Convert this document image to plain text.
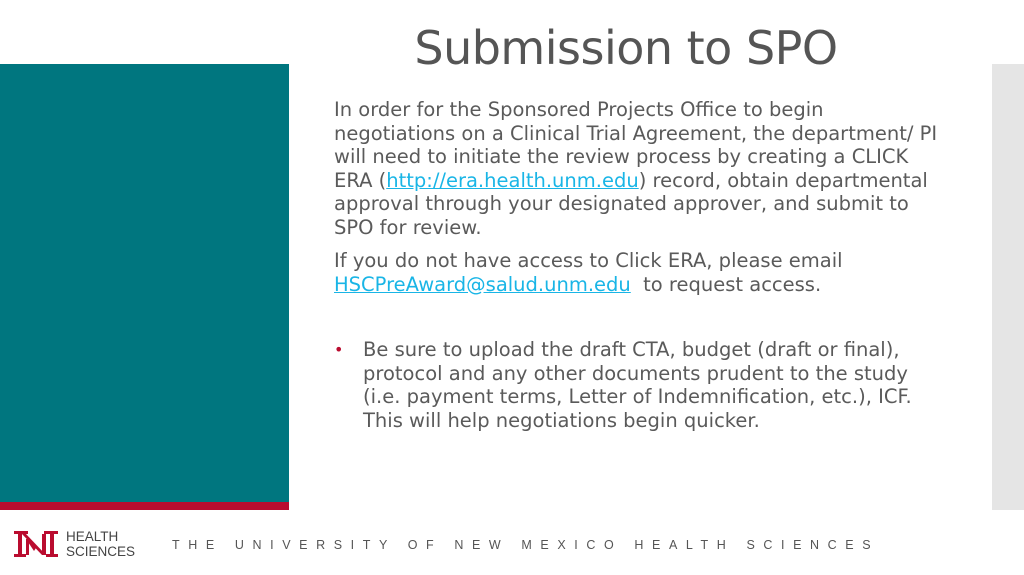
Submission to SPO

In order for the Sponsored Projects Office to begin negotiations on a Clinical Trial Agreement, the department/ PI will need to initiate the review process by creating a CLICK ERA (http://era.health.unm.edu) record, obtain departmental approval through your designated approver, and submit to SPO for review.

If you do not have access to Click ERA, please email HSCPreAward@salud.unm.edu  to request access.

• Be sure to upload the draft CTA, budget (draft or final), protocol and any other documents prudent to the study (i.e. payment terms, Letter of Indemnification, etc.), ICF. This will help negotiations begin quicker.
HEALTH
SCIENCES	THE UNIVERSITY OF NEW MEXICO HEALTH SCIENCES
